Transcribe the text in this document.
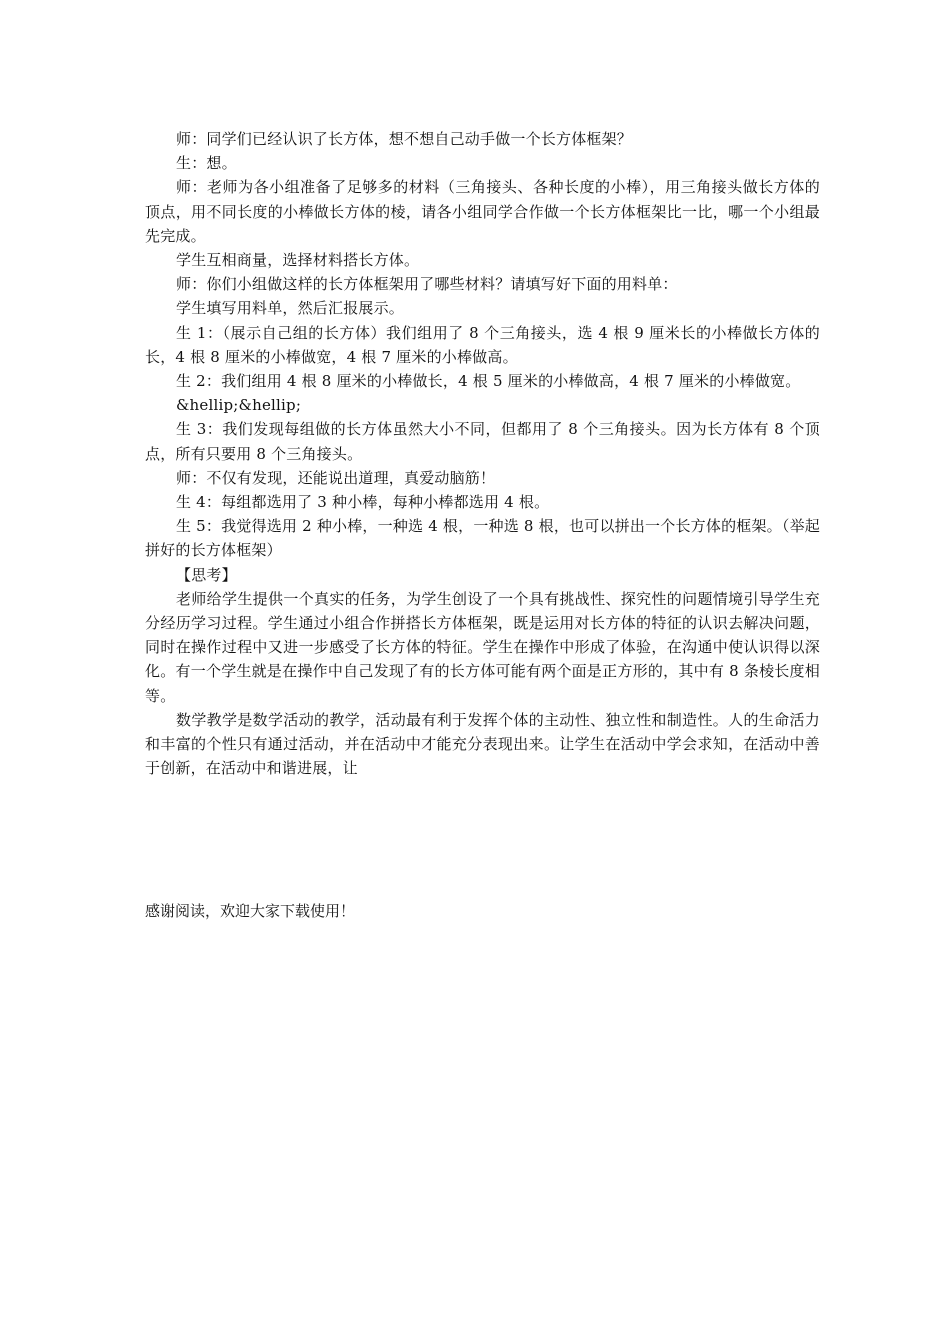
师：同学们已经认识了长方体，想不想自己动手做一个长方体框架？

生：想。

师：老师为各小组准备了足够多的材料（三角接头、各种长度的小棒），用三角接头做长方体的顶点，用不同长度的小棒做长方体的棱，请各小组同学合作做一个长方体框架比一比，哪一个小组最先完成。

学生互相商量，选择材料搭长方体。

师：你们小组做这样的长方体框架用了哪些材料？请填写好下面的用料单：

学生填写用料单，然后汇报展示。

生 1：（展示自己组的长方体）我们组用了 8 个三角接头，选 4 根 9 厘米长的小棒做长方体的长，4 根 8 厘米的小棒做宽，4 根 7 厘米的小棒做高。

生 2：我们组用 4 根 8 厘米的小棒做长，4 根 5 厘米的小棒做高，4 根 7 厘米的小棒做宽。

&hellip;&hellip;

生 3：我们发现每组做的长方体虽然大小不同，但都用了 8 个三角接头。因为长方体有 8 个顶点，所有只要用 8 个三角接头。

师：不仅有发现，还能说出道理，真爱动脑筋！

生 4：每组都选用了 3 种小棒，每种小棒都选用 4 根。

生 5：我觉得选用 2 种小棒，一种选 4 根，一种选 8 根，也可以拼出一个长方体的框架。（举起拼好的长方体框架）

【思考】

老师给学生提供一个真实的任务，为学生创设了一个具有挑战性、探究性的问题情境引导学生充分经历学习过程。学生通过小组合作拼搭长方体框架，既是运用对长方体的特征的认识去解决问题，同时在操作过程中又进一步感受了长方体的特征。学生在操作中形成了体验，在沟通中使认识得以深化。有一个学生就是在操作中自己发现了有的长方体可能有两个面是正方形的，其中有 8 条棱长度相等。

数学教学是数学活动的教学，活动最有利于发挥个体的主动性、独立性和制造性。人的生命活力和丰富的个性只有通过活动，并在活动中才能充分表现出来。让学生在活动中学会求知，在活动中善于创新，在活动中和谐进展，让

感谢阅读，欢迎大家下载使用！
